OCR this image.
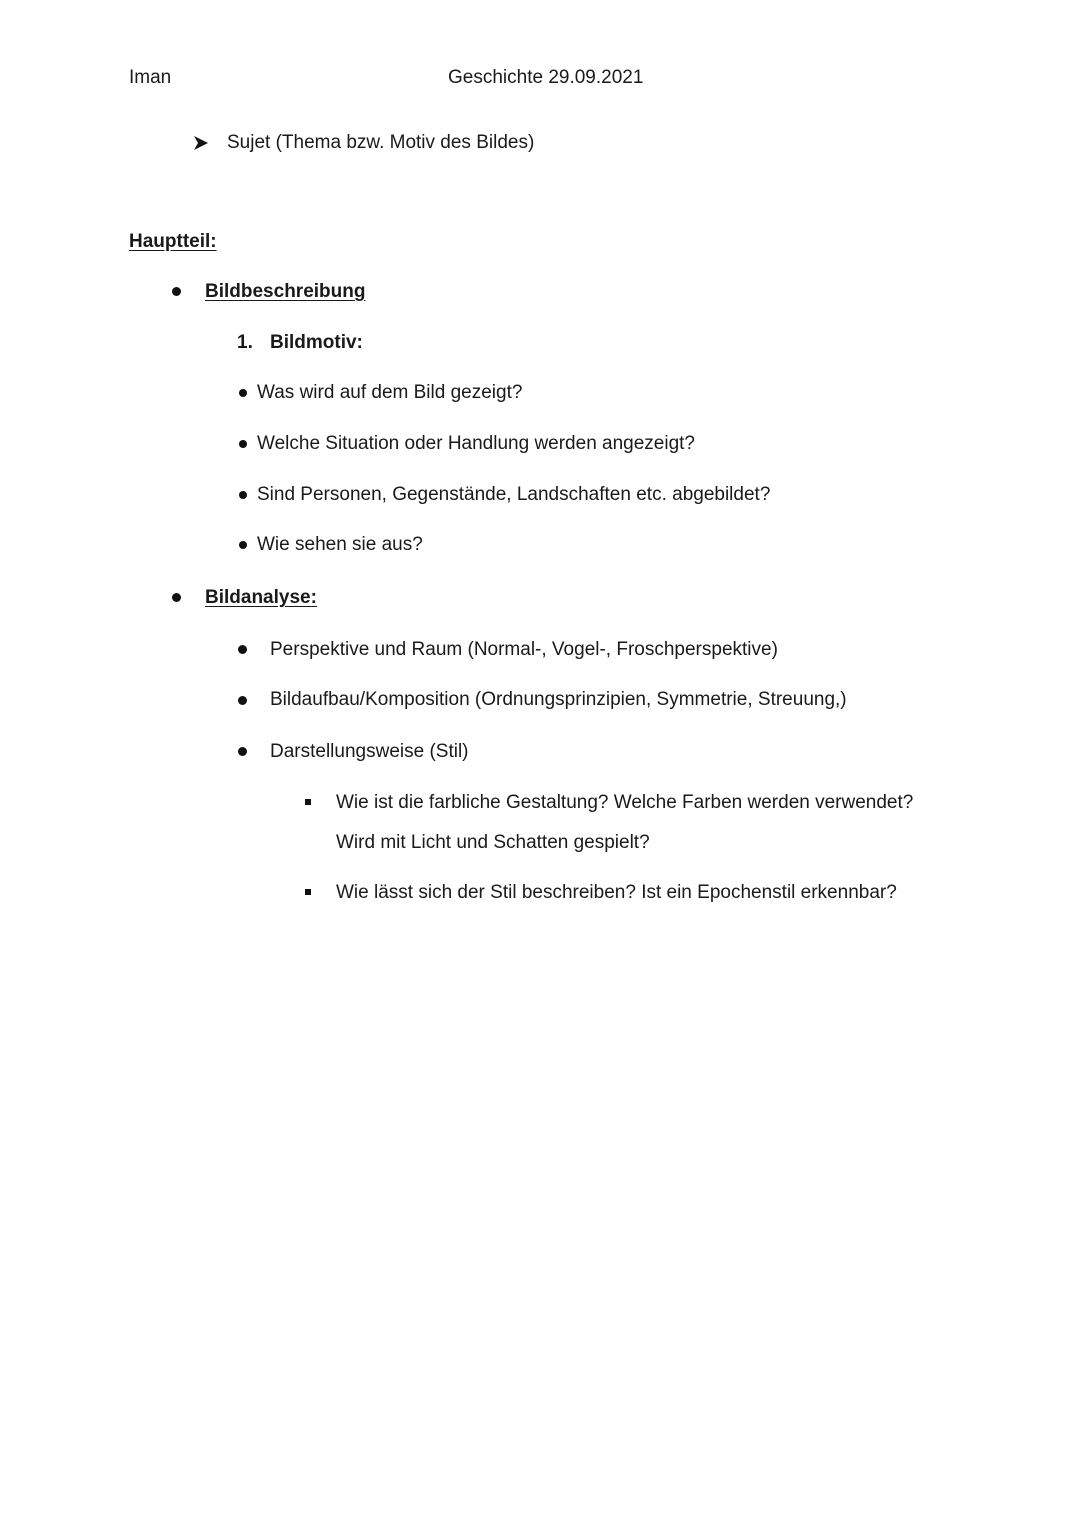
Iman	Geschichte 29.09.2021
Sujet (Thema bzw. Motiv des Bildes)
Hauptteil:
Bildbeschreibung
1. Bildmotiv:
Was wird auf dem Bild gezeigt?
Welche Situation oder Handlung werden angezeigt?
Sind Personen, Gegenstände, Landschaften etc. abgebildet?
Wie sehen sie aus?
Bildanalyse:
Perspektive und Raum (Normal-, Vogel-, Froschperspektive)
Bildaufbau/Komposition (Ordnungsprinzipien, Symmetrie, Streuung,)
Darstellungsweise (Stil)
Wie ist die farbliche Gestaltung? Welche Farben werden verwendet?
Wird mit Licht und Schatten gespielt?
Wie lässt sich der Stil beschreiben? Ist ein Epochenstil erkennbar?
